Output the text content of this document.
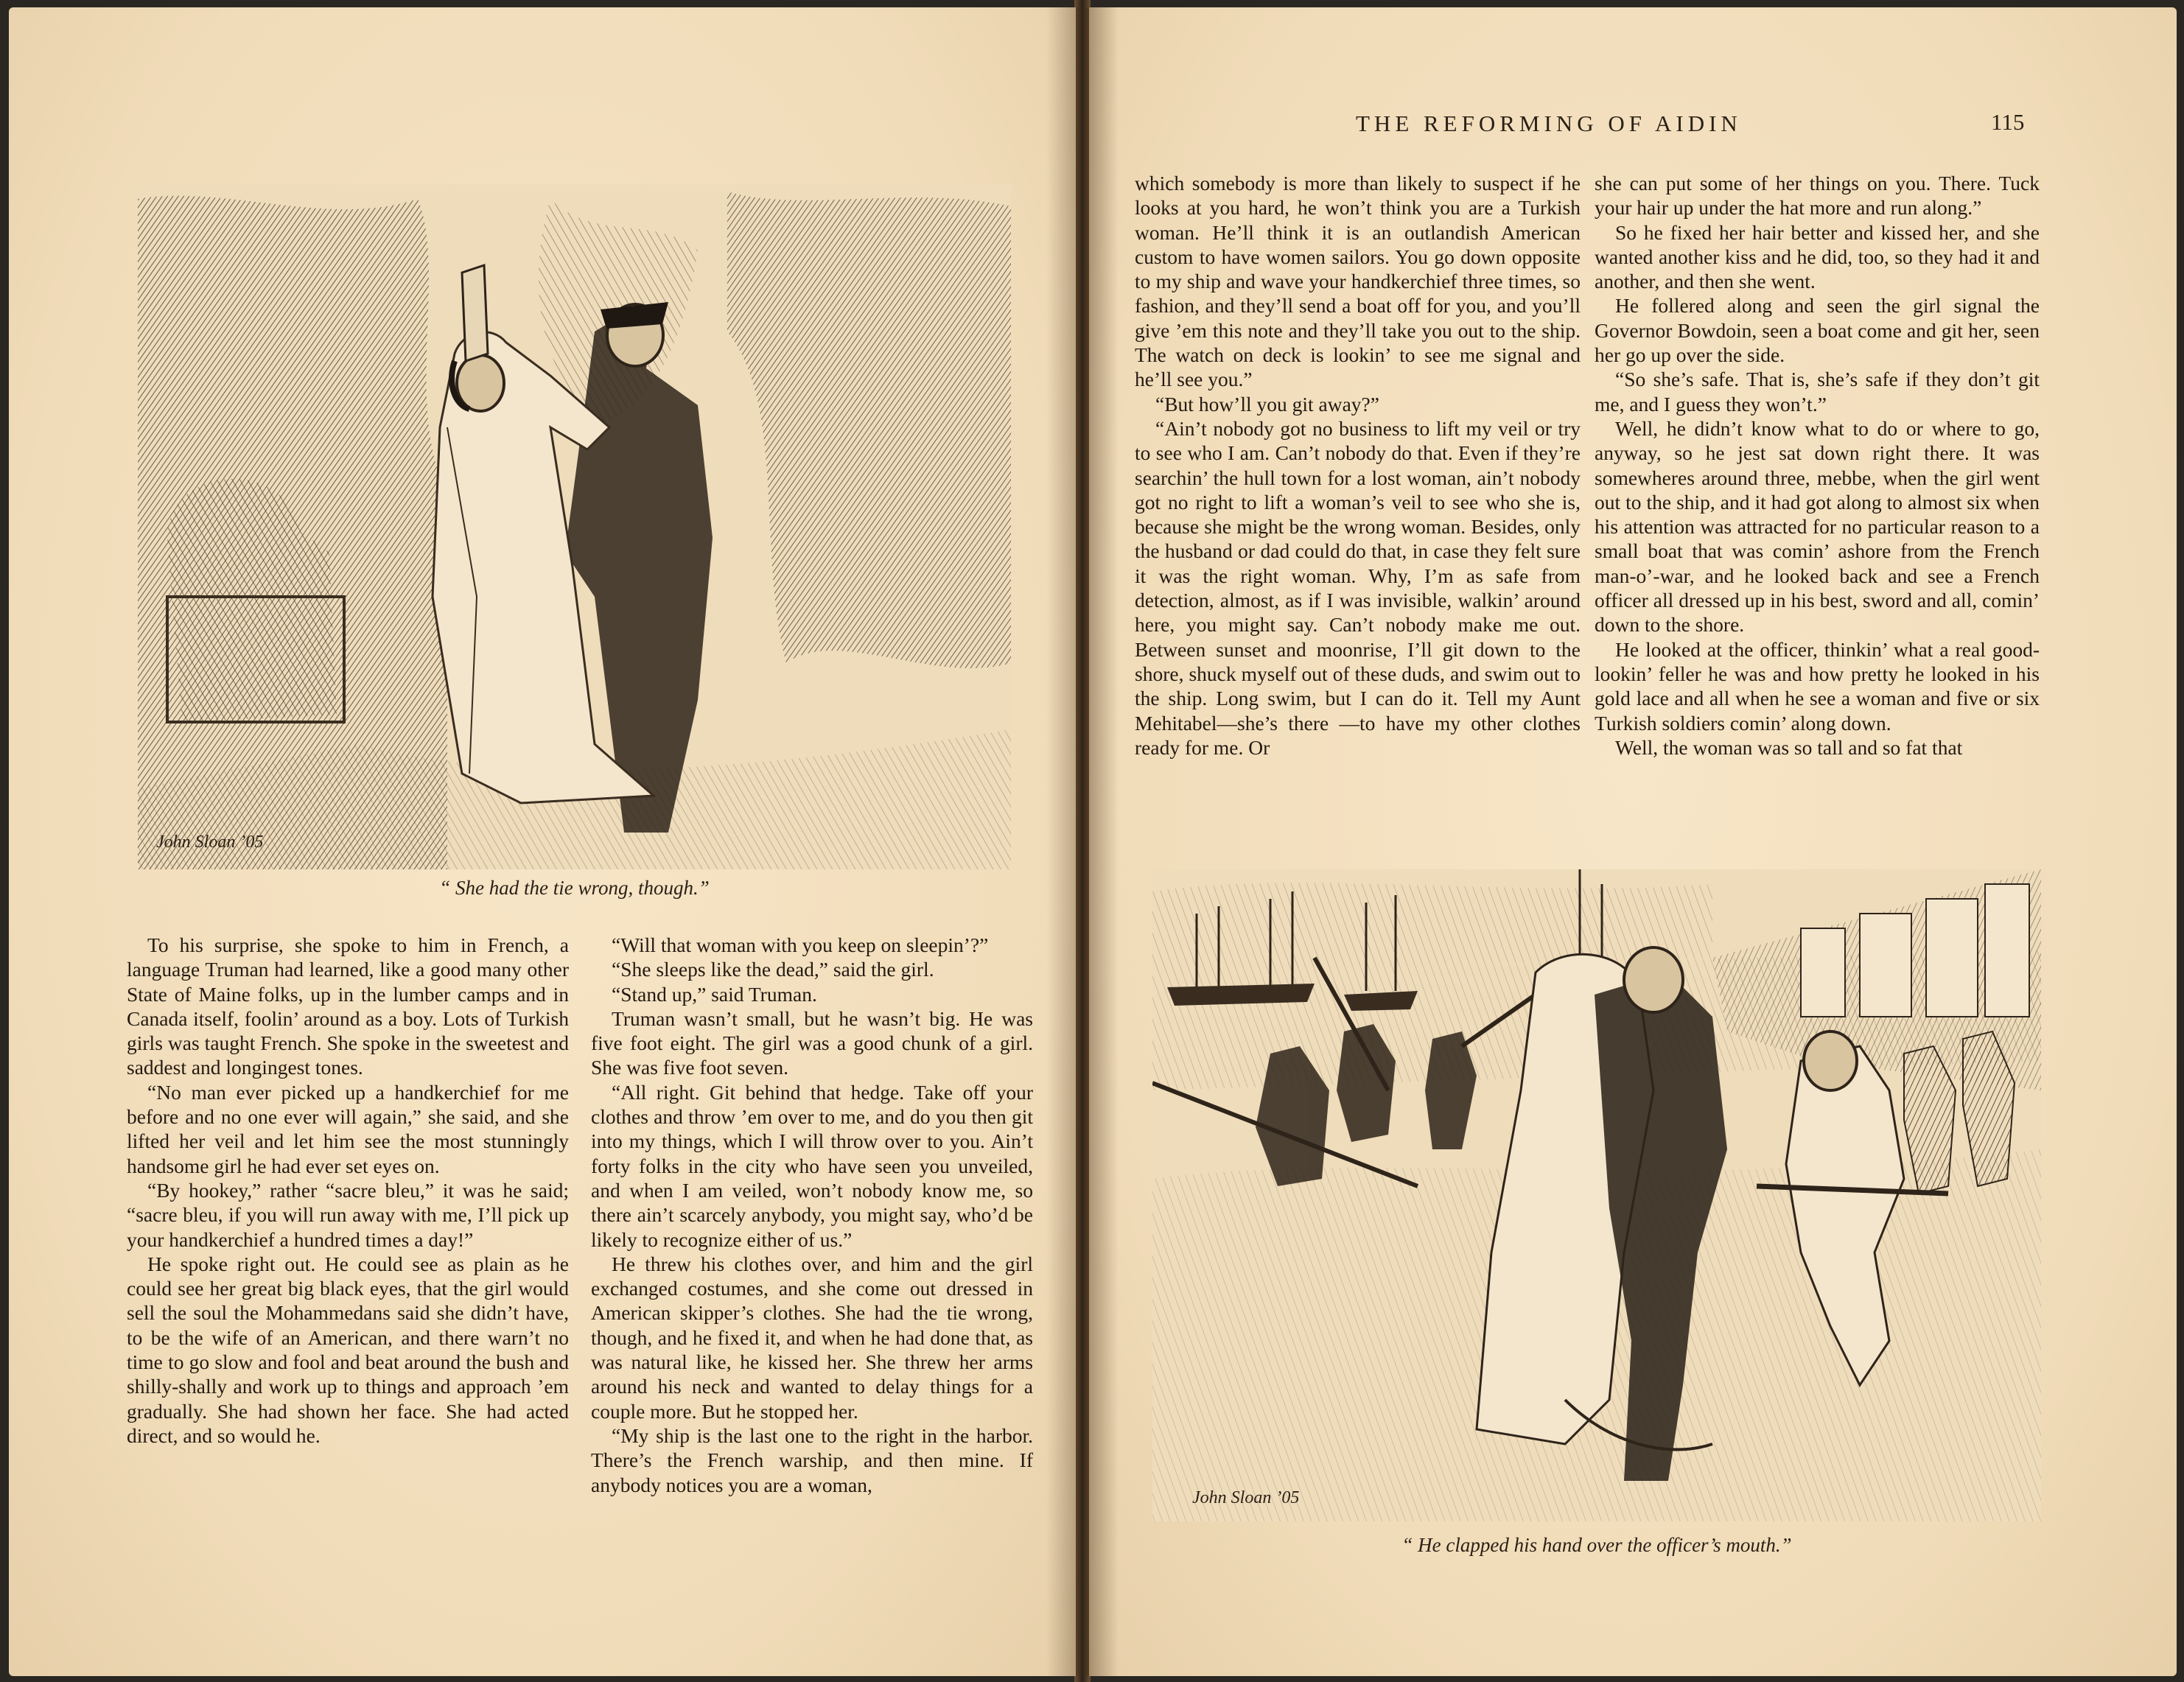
John Sloan ’05
“ She had the tie wrong, though.”

To his surprise, she spoke to him in French, a language Truman had learned, like a good many other State of Maine folks, up in the lumber camps and in Canada itself, foolin’ around as a boy. Lots of Turkish girls was taught French. She spoke in the sweetest and saddest and longingest tones.

“No man ever picked up a handkerchief for me before and no one ever will again,” she said, and she lifted her veil and let him see the most stunningly handsome girl he had ever set eyes on.

“By hookey,” rather “sacre bleu,” it was he said; “sacre bleu, if you will run away with me, I’ll pick up your handkerchief a hundred times a day!”

He spoke right out. He could see as plain as he could see her great big black eyes, that the girl would sell the soul the Mohammedans said she didn’t have, to be the wife of an American, and there warn’t no time to go slow and fool and beat around the bush and shilly-shally and work up to things and approach ’em gradually. She had shown her face. She had acted direct, and so would he.

“Will that woman with you keep on sleepin’?”

“She sleeps like the dead,” said the girl.

“Stand up,” said Truman.

Truman wasn’t small, but he wasn’t big. He was five foot eight. The girl was a good chunk of a girl. She was five foot seven.

“All right. Git behind that hedge. Take off your clothes and throw ’em over to me, and do you then git into my things, which I will throw over to you. Ain’t forty folks in the city who have seen you unveiled, and when I am veiled, won’t nobody know me, so there ain’t scarcely anybody, you might say, who’d be likely to recognize either of us.”

He threw his clothes over, and him and the girl exchanged costumes, and she come out dressed in American skipper’s clothes. She had the tie wrong, though, and he fixed it, and when he had done that, as was natural like, he kissed her. She threw her arms around his neck and wanted to delay things for a couple more. But he stopped her.

“My ship is the last one to the right in the harbor. There’s the French warship, and then mine. If anybody notices you are a woman,

which somebody is more than likely to suspect if he looks at you hard, he won’t think you are a Turkish woman. He’ll think it is an outlandish American custom to have women sailors. You go down opposite to my ship and wave your handkerchief three times, so fashion, and they’ll send a boat off for you, and you’ll give ’em this note and they’ll take you out to the ship. The watch on deck is lookin’ to see me signal and he’ll see you.”

“But how’ll you git away?”

“Ain’t nobody got no business to lift my veil or try to see who I am. Can’t nobody do that. Even if they’re searchin’ the hull town for a lost woman, ain’t nobody got no right to lift a woman’s veil to see who she is, because she might be the wrong woman. Besides, only the husband or dad could do that, in case they felt sure it was the right woman. Why, I’m as safe from detection, almost, as if I was invisible, walkin’ around here, you might say. Can’t nobody make me out. Between sunset and moonrise, I’ll git down to the shore, shuck myself out of these duds, and swim out to the ship. Long swim, but I can do it. Tell my Aunt Mehitabel—she’s there —to have my other clothes ready for me. Or

she can put some of her things on you. There. Tuck your hair up under the hat more and run along.”

So he fixed her hair better and kissed her, and she wanted another kiss and he did, too, so they had it and another, and then she went.

He follered along and seen the girl signal the Governor Bowdoin, seen a boat come and git her, seen her go up over the side.

“So she’s safe. That is, she’s safe if they don’t git me, and I guess they won’t.”

Well, he didn’t know what to do or where to go, anyway, so he jest sat down right there. It was somewheres around three, mebbe, when the girl went out to the ship, and it had got along to almost six when his attention was attracted for no particular reason to a small boat that was comin’ ashore from the French man-o’-war, and he looked back and see a French officer all dressed up in his best, sword and all, comin’ down to the shore.

He looked at the officer, thinkin’ what a real good-lookin’ feller he was and how pretty he looked in his gold lace and all when he see a woman and five or six Turkish soldiers comin’ along down.

Well, the woman was so tall and so fat that

John Sloan ’05
“ He clapped his hand over the officer’s mouth.”
THE REFORMING OF AIDIN	115
